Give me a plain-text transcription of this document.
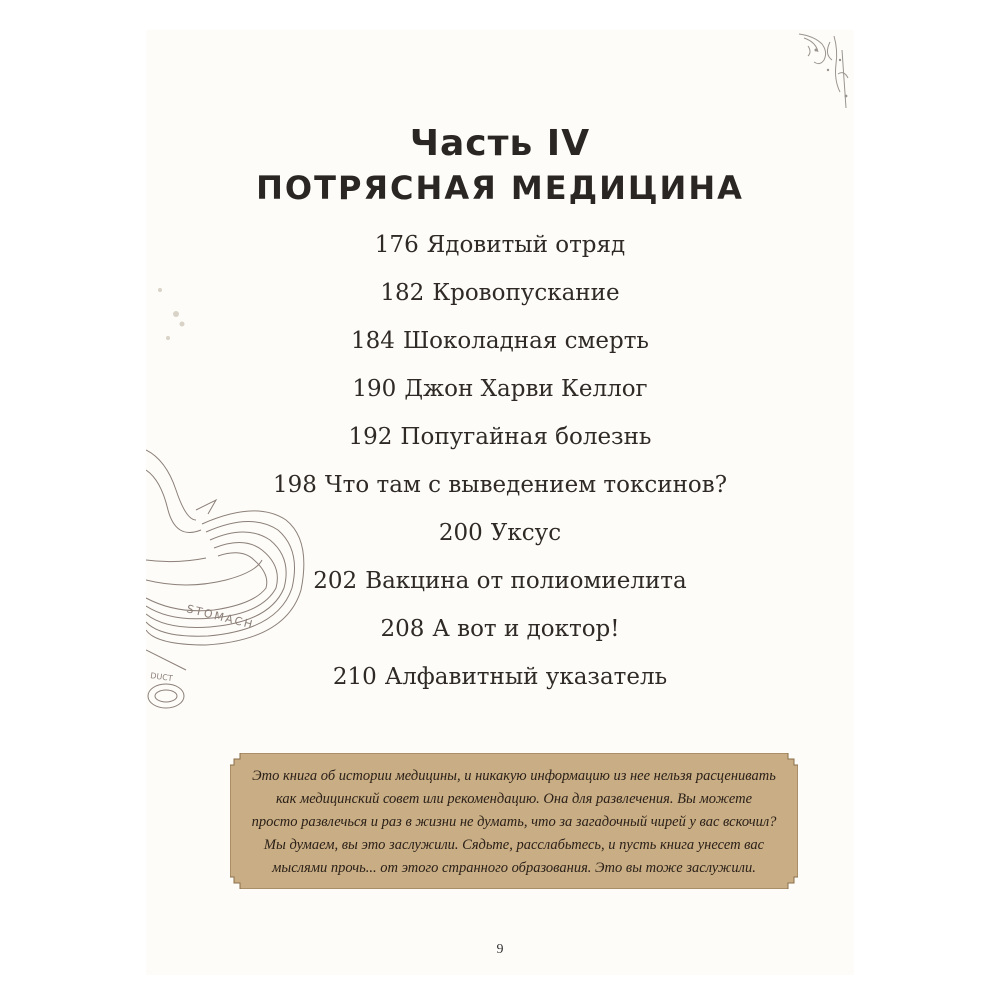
STOMACH
DUCT
Часть IV
ПОТРЯСНАЯ МЕДИЦИНА
176 Ядовитый отряд
182 Кровопускание
184 Шоколадная смерть
190 Джон Харви Келлог
192 Попугайная болезнь
198 Что там с выведением токсинов?
200 Уксус
202 Вакцина от полиомиелита
208 А вот и доктор!
210 Алфавитный указатель
Это книга об истории медицины, и никакую информацию из нее нельзя расценивать
как медицинский совет или рекомендацию. Она для развлечения. Вы можете
просто развлечься и раз в жизни не думать, что за загадочный чирей у вас вскочил?
Мы думаем, вы это заслужили. Сядьте, расслабьтесь, и пусть книга унесет вас
мыслями прочь... от этого странного образования. Это вы тоже заслужили.
9
